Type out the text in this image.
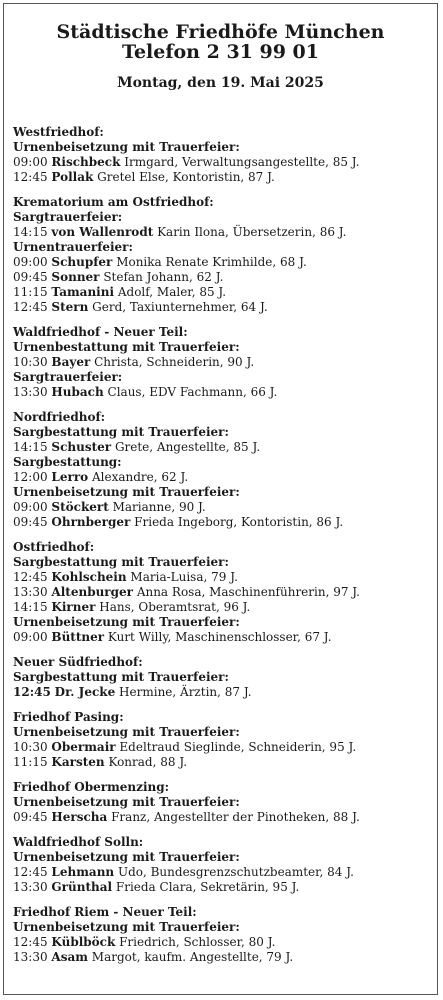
Städtische Friedhöfe München
Telefon 2 31 99 01
Montag, den 19. Mai 2025
Westfriedhof:
Urnenbeisetzung mit Trauerfeier:
09:00 Rischbeck Irmgard, Verwaltungsangestellte, 85 J.
12:45 Pollak Gretel Else, Kontoristin, 87 J.
Krematorium am Ostfriedhof:
Sargtrauerfeier:
14:15 von Wallenrodt Karin Ilona, Übersetzerin, 86 J.
Urnentrauerfeier:
09:00 Schupfer Monika Renate Krimhilde, 68 J.
09:45 Sonner Stefan Johann, 62 J.
11:15 Tamanini Adolf, Maler, 85 J.
12:45 Stern Gerd, Taxiunternehmer, 64 J.
Waldfriedhof - Neuer Teil:
Urnenbestattung mit Trauerfeier:
10:30 Bayer Christa, Schneiderin, 90 J.
Sargtrauerfeier:
13:30 Hubach Claus, EDV Fachmann, 66 J.
Nordfriedhof:
Sargbestattung mit Trauerfeier:
14:15 Schuster Grete, Angestellte, 85 J.
Sargbestattung:
12:00 Lerro Alexandre, 62 J.
Urnenbeisetzung mit Trauerfeier:
09:00 Stöckert Marianne, 90 J.
09:45 Ohrnberger Frieda Ingeborg, Kontoristin, 86 J.
Ostfriedhof:
Sargbestattung mit Trauerfeier:
12:45 Kohlschein Maria-Luisa, 79 J.
13:30 Altenburger Anna Rosa, Maschinenführerin, 97 J.
14:15 Kirner Hans, Oberamtsrat, 96 J.
Urnenbeisetzung mit Trauerfeier:
09:00 Büttner Kurt Willy, Maschinenschlosser, 67 J.
Neuer Südfriedhof:
Sargbestattung mit Trauerfeier:
12:45 Dr. Jecke Hermine, Ärztin, 87 J.
Friedhof Pasing:
Urnenbeisetzung mit Trauerfeier:
10:30 Obermair Edeltraud Sieglinde, Schneiderin, 95 J.
11:15 Karsten Konrad, 88 J.
Friedhof Obermenzing:
Urnenbeisetzung mit Trauerfeier:
09:45 Herscha Franz, Angestellter der Pinotheken, 88 J.
Waldfriedhof Solln:
Urnenbeisetzung mit Trauerfeier:
12:45 Lehmann Udo, Bundesgrenzschutzbeamter, 84 J.
13:30 Grünthal Frieda Clara, Sekretärin, 95 J.
Friedhof Riem - Neuer Teil:
Urnenbeisetzung mit Trauerfeier:
12:45 Küblböck Friedrich, Schlosser, 80 J.
13:30 Asam Margot, kaufm. Angestellte, 79 J.
